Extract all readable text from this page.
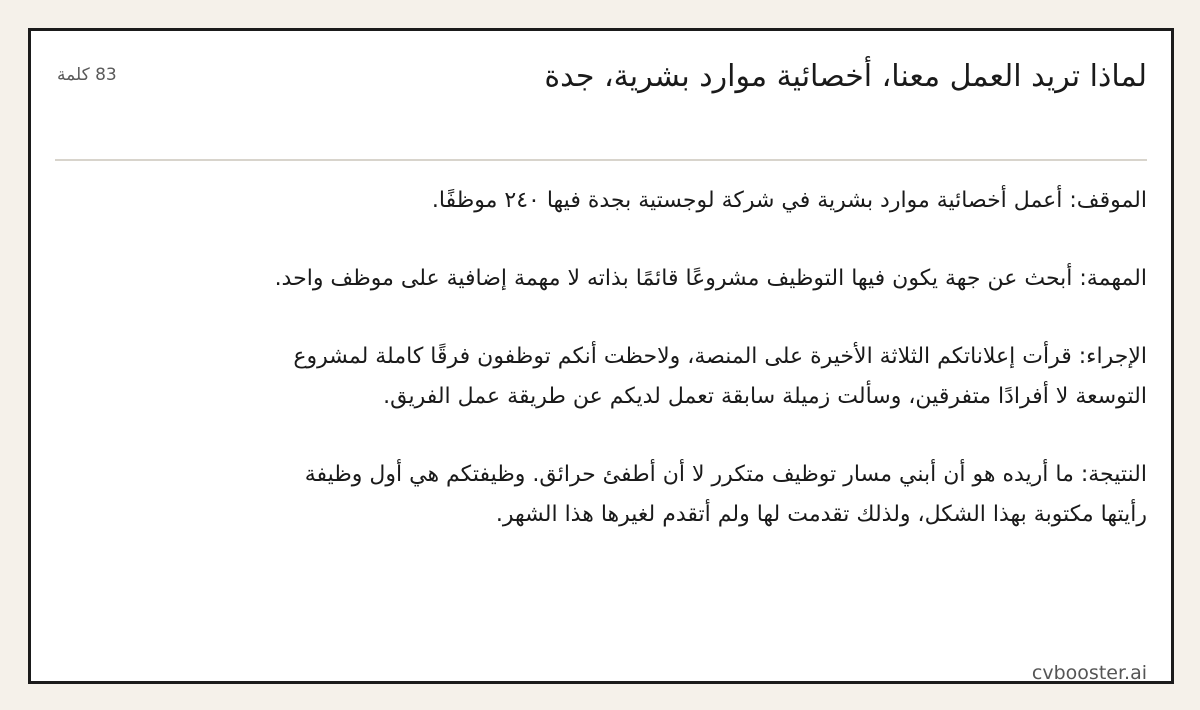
لماذا تريد العمل معنا، أخصائية موارد بشرية، جدة
83 كلمة

الموقف: أعمل أخصائية موارد بشرية في شركة لوجستية بجدة فيها ٢٤٠ موظفًا.

المهمة: أبحث عن جهة يكون فيها التوظيف مشروعًا قائمًا بذاته لا مهمة إضافية على موظف واحد.

الإجراء: قرأت إعلاناتكم الثلاثة الأخيرة على المنصة، ولاحظت أنكم توظفون فرقًا كاملة لمشروع التوسعة لا أفرادًا متفرقين، وسألت زميلة سابقة تعمل لديكم عن طريقة عمل الفريق.

النتيجة: ما أريده هو أن أبني مسار توظيف متكرر لا أن أطفئ حرائق. وظيفتكم هي أول وظيفة رأيتها مكتوبة بهذا الشكل، ولذلك تقدمت لها ولم أتقدم لغيرها هذا الشهر.

cvbooster.ai
